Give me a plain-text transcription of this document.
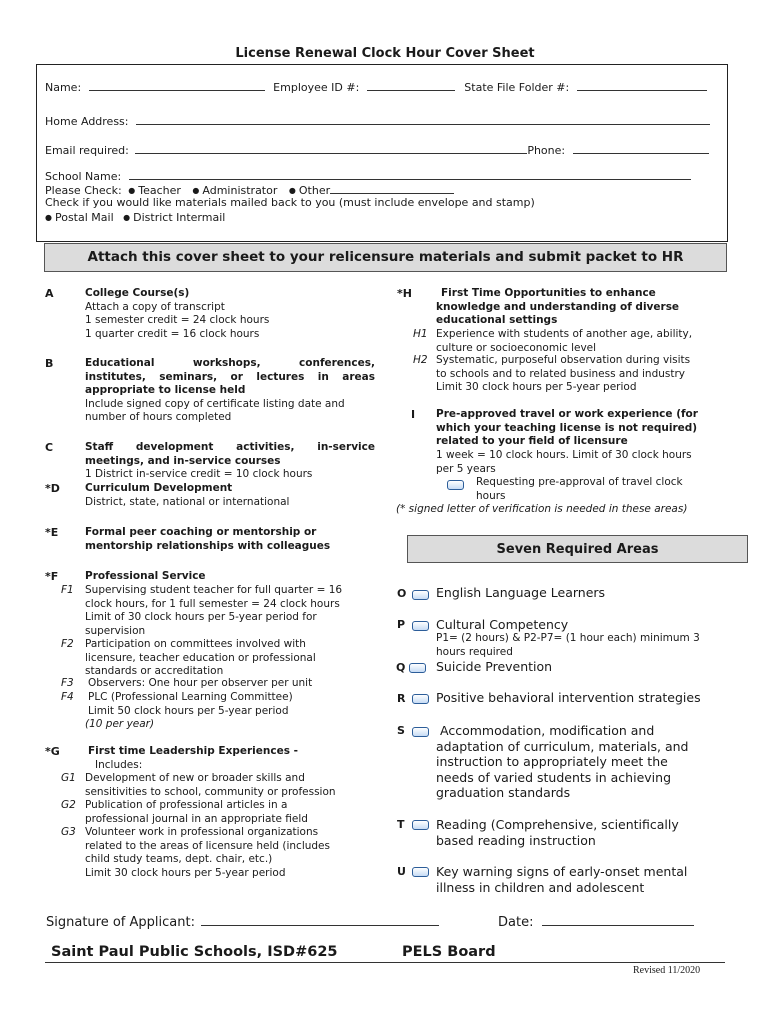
License Renewal Clock Hour Cover Sheet
Name:	Employee ID #:	State File Folder #:
Home Address:
Email required:	Phone:
School Name:
Please Check: ● Teacher ● Administrator ● Other
Check if you would like materials mailed back to you (must include envelope and stamp)
● Postal Mail ● District Intermail
Attach this cover sheet to your relicensure materials and submit packet to HR
A	College Course(s)
Attach a copy of transcript
1 semester credit = 24 clock hours
1 quarter credit = 16 clock hours
B	Educational workshops, conferences,
institutes, seminars, or lectures in areas
appropriate to license held
Include signed copy of certificate listing date and
number of hours completed
C	Staff development activities, in-service
meetings, and in-service courses
1 District in-service credit = 10 clock hours
*D Curriculum Development
District, state, national or international
*E	Formal peer coaching or mentorship or
mentorship relationships with colleagues
*F	Professional Service
F1 Supervising student teacher for full quarter = 16
clock hours, for 1 full semester = 24 clock hours
Limit of 30 clock hours per 5-year period for
supervision
F2 Participation on committees involved with
licensure, teacher education or professional
standards or accreditation
F3 Observers: One hour per observer per unit
F4 PLC (Professional Learning Committee)
Limit 50 clock hours per 5-year period
(10 per year)
*G	First time Leadership Experiences -
Includes:
G1 Development of new or broader skills and
sensitivities to school, community or profession
G2 Publication of professional articles in a
professional journal in an appropriate field
G3 Volunteer work in professional organizations
related to the areas of licensure held (includes
child study teams, dept. chair, etc.)
Limit 30 clock hours per 5-year period
*H	First Time Opportunities to enhance
knowledge and understanding of diverse
educational settings
H1 Experience with students of another age, ability,
culture or socioeconomic level
H2 Systematic, purposeful observation during visits
to schools and to related business and industry
Limit 30 clock hours per 5-year period
I Pre-approved travel or work experience (for
which your teaching license is not required)
related to your field of licensure
1 week = 10 clock hours. Limit of 30 clock hours
per 5 years
Requesting pre-approval of travel clock
hours
(* signed letter of verification is needed in these areas)
Seven Required Areas
O English Language Learners
P Cultural Competency
P1= (2 hours) & P2-P7= (1 hour each) minimum 3
hours required
Q Suicide Prevention
R Positive behavioral intervention strategies
S	Accommodation, modification and
adaptation of curriculum, materials, and
instruction to appropriately meet the
needs of varied students in achieving
graduation standards
T	Reading (Comprehensive, scientifically
based reading instruction
U Key warning signs of early-onset mental
illness in children and adolescent
Signature of Applicant:	Date:
Saint Paul Public Schools, ISD#625	PELS Board
Revised 11/2020
